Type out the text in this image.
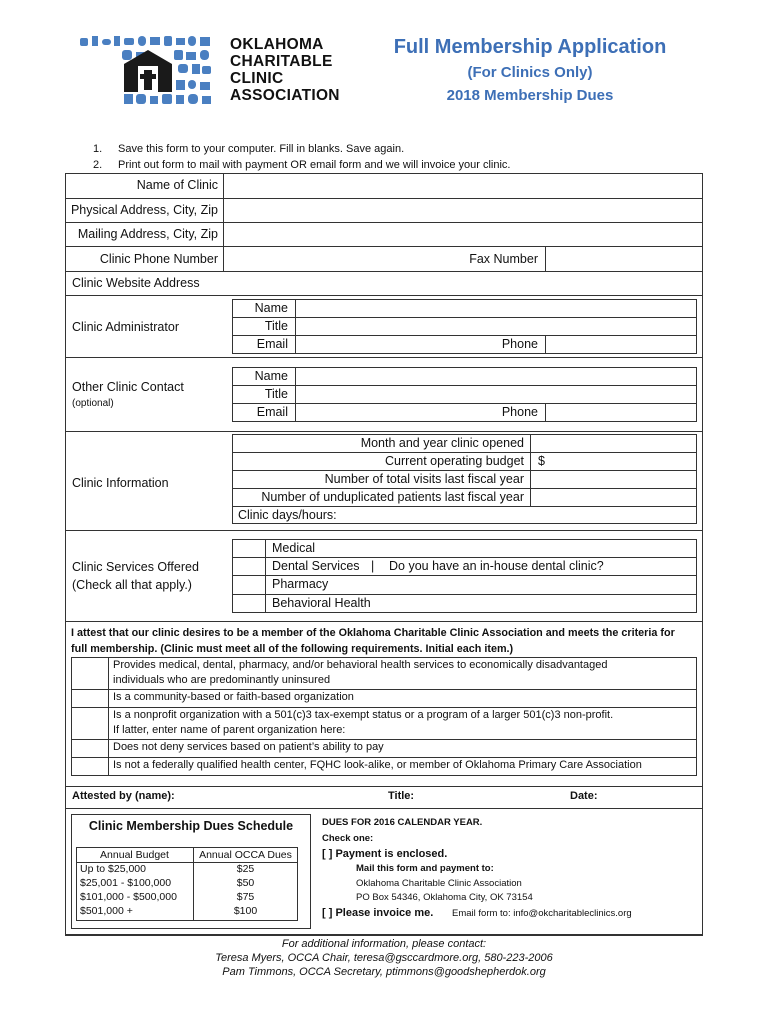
OKLAHOMA
CHARITABLE
CLINIC
ASSOCIATION
Full Membership Application
(For Clinics Only)
2018 Membership Dues
1. Save this form to your computer. Fill in blanks. Save again.
2. Print out form to mail with payment OR email form and we will invoice your clinic.
Name of Clinic
Physical Address, City, Zip
Mailing Address, City, Zip
Clinic Phone Number	Fax Number
Clinic Website Address
Clinic Administrator
Name
Title
Email	Phone
Other Clinic Contact
(optional)
Name
Title
Email	Phone
Clinic Information
Month and year clinic opened
Current operating budget $
Number of total visits last fiscal year
Number of unduplicated patients last fiscal year
Clinic days/hours:
Clinic Services Offered
(Check all that apply.)
Medical
Dental Services | Do you have an in-house dental clinic?
Pharmacy
Behavioral Health
I attest that our clinic desires to be a member of the Oklahoma Charitable Clinic Association and meets the criteria for
full membership. (Clinic must meet all of the following requirements. Initial each item.)
Provides medical, dental, pharmacy, and/or behavioral health services to economically disadvantaged
individuals who are predominantly uninsured
Is a community-based or faith-based organization
Is a nonprofit organization with a 501(c)3 tax-exempt status or a program of a larger 501(c)3 non-profit.
If latter, enter name of parent organization here:
Does not deny services based on patient’s ability to pay
Is not a federally qualified health center, FQHC look-alike, or member of Oklahoma Primary Care Association
Attested by (name):	Title:	Date:
Clinic Membership Dues Schedule
Annual Budget	Annual OCCA Dues
Up to $25,000	$25
$25,001 - $100,000	$50
$101,000 - $500,000	$75
$501,000 +	$100
DUES FOR 2016 CALENDAR YEAR.
Check one:
[ ] Payment is enclosed.
Mail this form and payment to:
Oklahoma Charitable Clinic Association
PO Box 54346, Oklahoma City, OK 73154
[ ] Please invoice me. Email form to: info@okcharitableclinics.org
For additional information, please contact:
Teresa Myers, OCCA Chair, teresa@gsccardmore.org, 580-223-2006
Pam Timmons, OCCA Secretary, ptimmons@goodshepherdok.org
